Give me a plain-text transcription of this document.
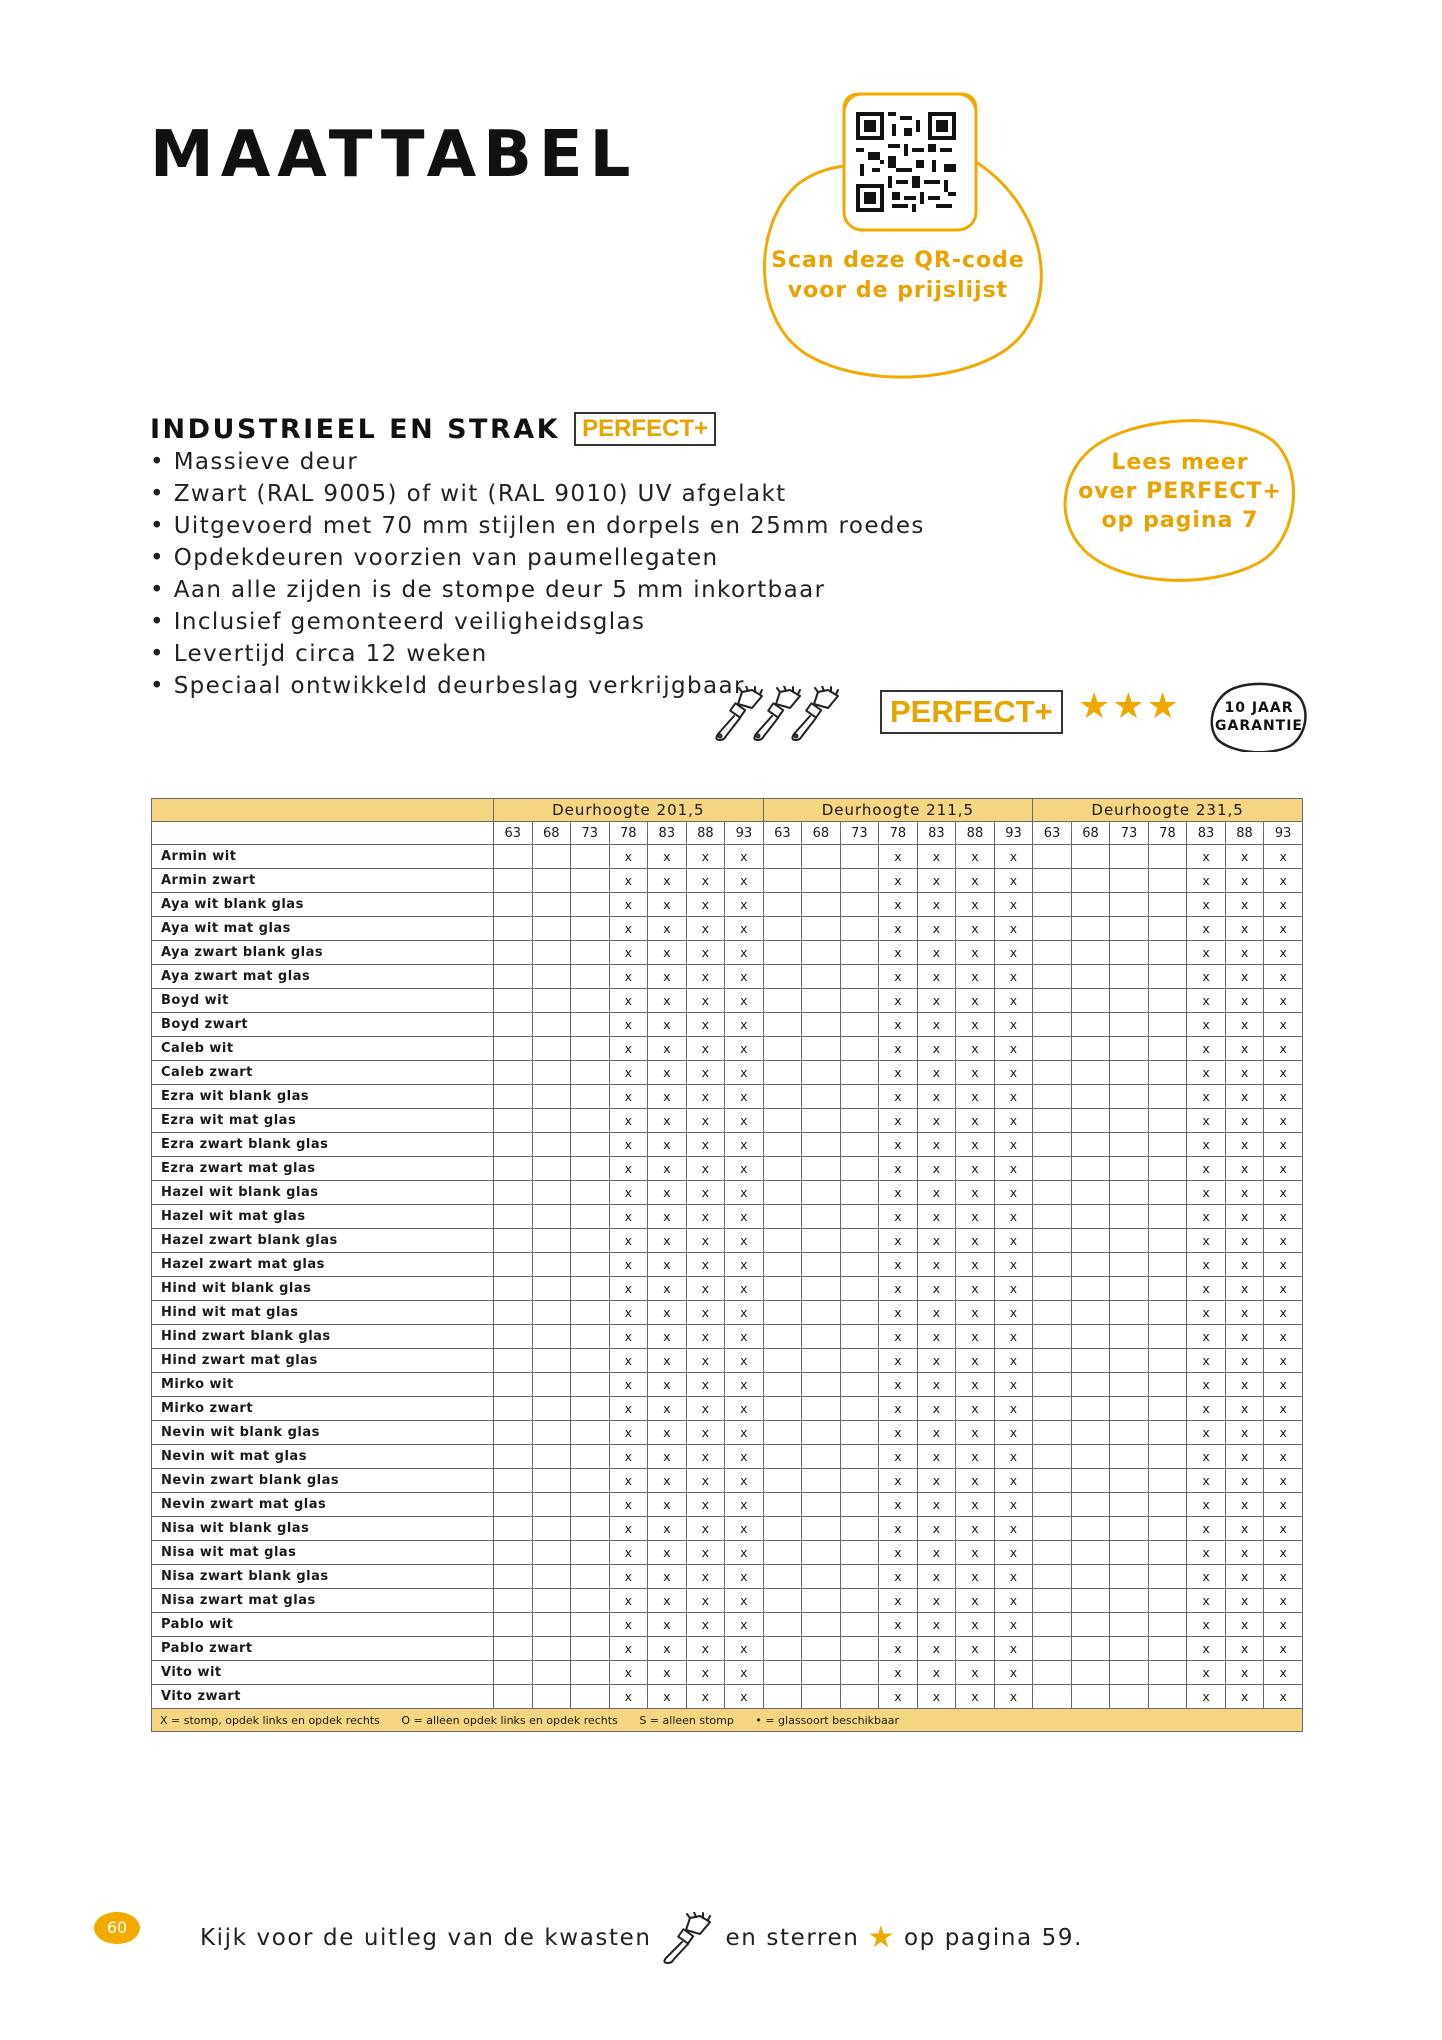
MAATTABEL
Scan deze QR-code
voor de prijslijst
INDUSTRIEEL EN STRAK PERFECT+
• Massieve deur
• Zwart (RAL 9005) of wit (RAL 9010) UV afgelakt
• Uitgevoerd met 70 mm stijlen en dorpels en 25mm roedes
• Opdekdeuren voorzien van paumellegaten
• Aan alle zijden is de stompe deur 5 mm inkortbaar
• Inclusief gemonteerd veiligheidsglas
• Levertijd circa 12 weken
• Speciaal ontwikkeld deurbeslag verkrijgbaar
Lees meer
over PERFECT+
op pagina 7
PERFECT+ ★★★	10 JAAR
GARANTIE
	Deurhoogte 201,5							Deurhoogte 211,5							Deurhoogte 231,5						
	63	68	73	78	83	88	93	63	68	73	78	83	88	93	63	68	73	78	83	88	93
Armin wit				x	x	x	x				x	x	x	x					x	x	x
Armin zwart				x	x	x	x				x	x	x	x					x	x	x
Aya wit blank glas				x	x	x	x				x	x	x	x					x	x	x
Aya wit mat glas				x	x	x	x				x	x	x	x					x	x	x
Aya zwart blank glas				x	x	x	x				x	x	x	x					x	x	x
Aya zwart mat glas				x	x	x	x				x	x	x	x					x	x	x
Boyd wit				x	x	x	x				x	x	x	x					x	x	x
Boyd zwart				x	x	x	x				x	x	x	x					x	x	x
Caleb wit				x	x	x	x				x	x	x	x					x	x	x
Caleb zwart				x	x	x	x				x	x	x	x					x	x	x
Ezra wit blank glas				x	x	x	x				x	x	x	x					x	x	x
Ezra wit mat glas				x	x	x	x				x	x	x	x					x	x	x
Ezra zwart blank glas				x	x	x	x				x	x	x	x					x	x	x
Ezra zwart mat glas				x	x	x	x				x	x	x	x					x	x	x
Hazel wit blank glas				x	x	x	x				x	x	x	x					x	x	x
Hazel wit mat glas				x	x	x	x				x	x	x	x					x	x	x
Hazel zwart blank glas				x	x	x	x				x	x	x	x					x	x	x
Hazel zwart mat glas				x	x	x	x				x	x	x	x					x	x	x
Hind wit blank glas				x	x	x	x				x	x	x	x					x	x	x
Hind wit mat glas				x	x	x	x				x	x	x	x					x	x	x
Hind zwart blank glas				x	x	x	x				x	x	x	x					x	x	x
Hind zwart mat glas				x	x	x	x				x	x	x	x					x	x	x
Mirko wit				x	x	x	x				x	x	x	x					x	x	x
Mirko zwart				x	x	x	x				x	x	x	x					x	x	x
Nevin wit blank glas				x	x	x	x				x	x	x	x					x	x	x
Nevin wit mat glas				x	x	x	x				x	x	x	x					x	x	x
Nevin zwart blank glas				x	x	x	x				x	x	x	x					x	x	x
Nevin zwart mat glas				x	x	x	x				x	x	x	x					x	x	x
Nisa wit blank glas				x	x	x	x				x	x	x	x					x	x	x
Nisa wit mat glas				x	x	x	x				x	x	x	x					x	x	x
Nisa zwart blank glas				x	x	x	x				x	x	x	x					x	x	x
Nisa zwart mat glas				x	x	x	x				x	x	x	x					x	x	x
Pablo wit				x	x	x	x				x	x	x	x					x	x	x
Pablo zwart				x	x	x	x				x	x	x	x					x	x	x
Vito wit				x	x	x	x				x	x	x	x					x	x	x
Vito zwart				x	x	x	x				x	x	x	x					x	x	x
X = stomp, opdek links en opdek rechts O = alleen opdek links en opdek rechts S = alleen stomp • = glassoort beschikbaar																					
60	Kijk voor de uitleg van de kwasten	en sterren ★ op pagina 59.
